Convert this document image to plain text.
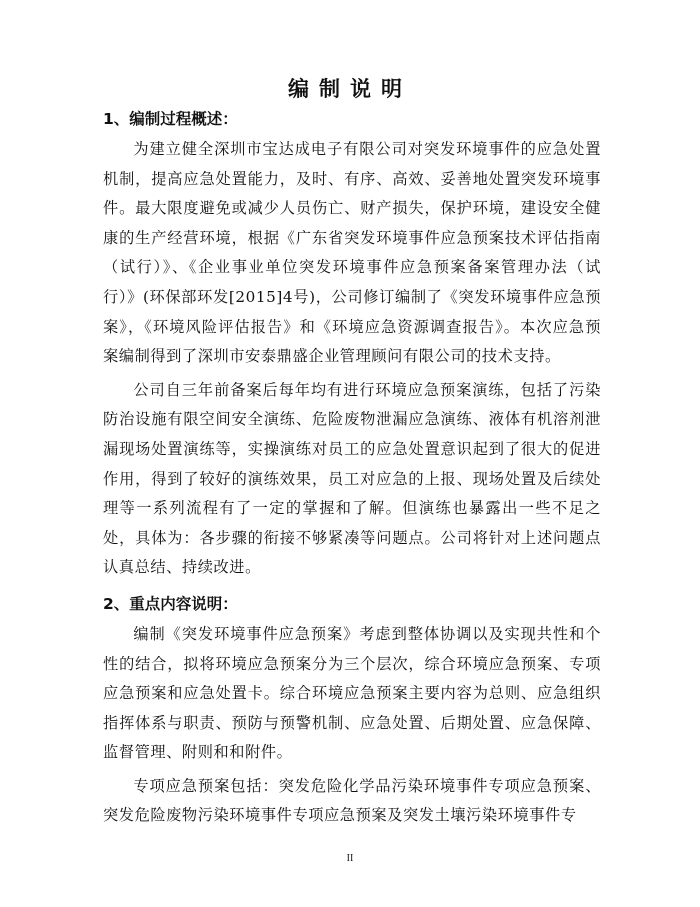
编制说明
1、编制过程概述：

为建立健全深圳市宝达成电子有限公司对突发环境事件的应急处置机制，提高应急处置能力，及时、有序、高效、妥善地处置突发环境事件。最大限度避免或减少人员伤亡、财产损失，保护环境，建设安全健康的生产经营环境，根据《广东省突发环境事件应急预案技术评估指南（试行）》、《企业事业单位突发环境事件应急预案备案管理办法（试行）》(环保部环发[2015]4号)，公司修订编制了《突发环境事件应急预案》，《环境风险评估报告》和《环境应急资源调查报告》。本次应急预案编制得到了深圳市安泰鼎盛企业管理顾问有限公司的技术支持。

公司自三年前备案后每年均有进行环境应急预案演练，包括了污染防治设施有限空间安全演练、危险废物泄漏应急演练、液体有机溶剂泄漏现场处置演练等，实操演练对员工的应急处置意识起到了很大的促进作用，得到了较好的演练效果，员工对应急的上报、现场处置及后续处理等一系列流程有了一定的掌握和了解。但演练也暴露出一些不足之处，具体为：各步骤的衔接不够紧凑等问题点。公司将针对上述问题点认真总结、持续改进。

2、重点内容说明：

编制《突发环境事件应急预案》考虑到整体协调以及实现共性和个性的结合，拟将环境应急预案分为三个层次，综合环境应急预案、专项应急预案和应急处置卡。综合环境应急预案主要内容为总则、应急组织指挥体系与职责、预防与预警机制、应急处置、后期处置、应急保障、监督管理、附则和和附件。

专项应急预案包括：突发危险化学品污染环境事件专项应急预案、突发危险废物污染环境事件专项应急预案及突发土壤污染环境事件专

II
